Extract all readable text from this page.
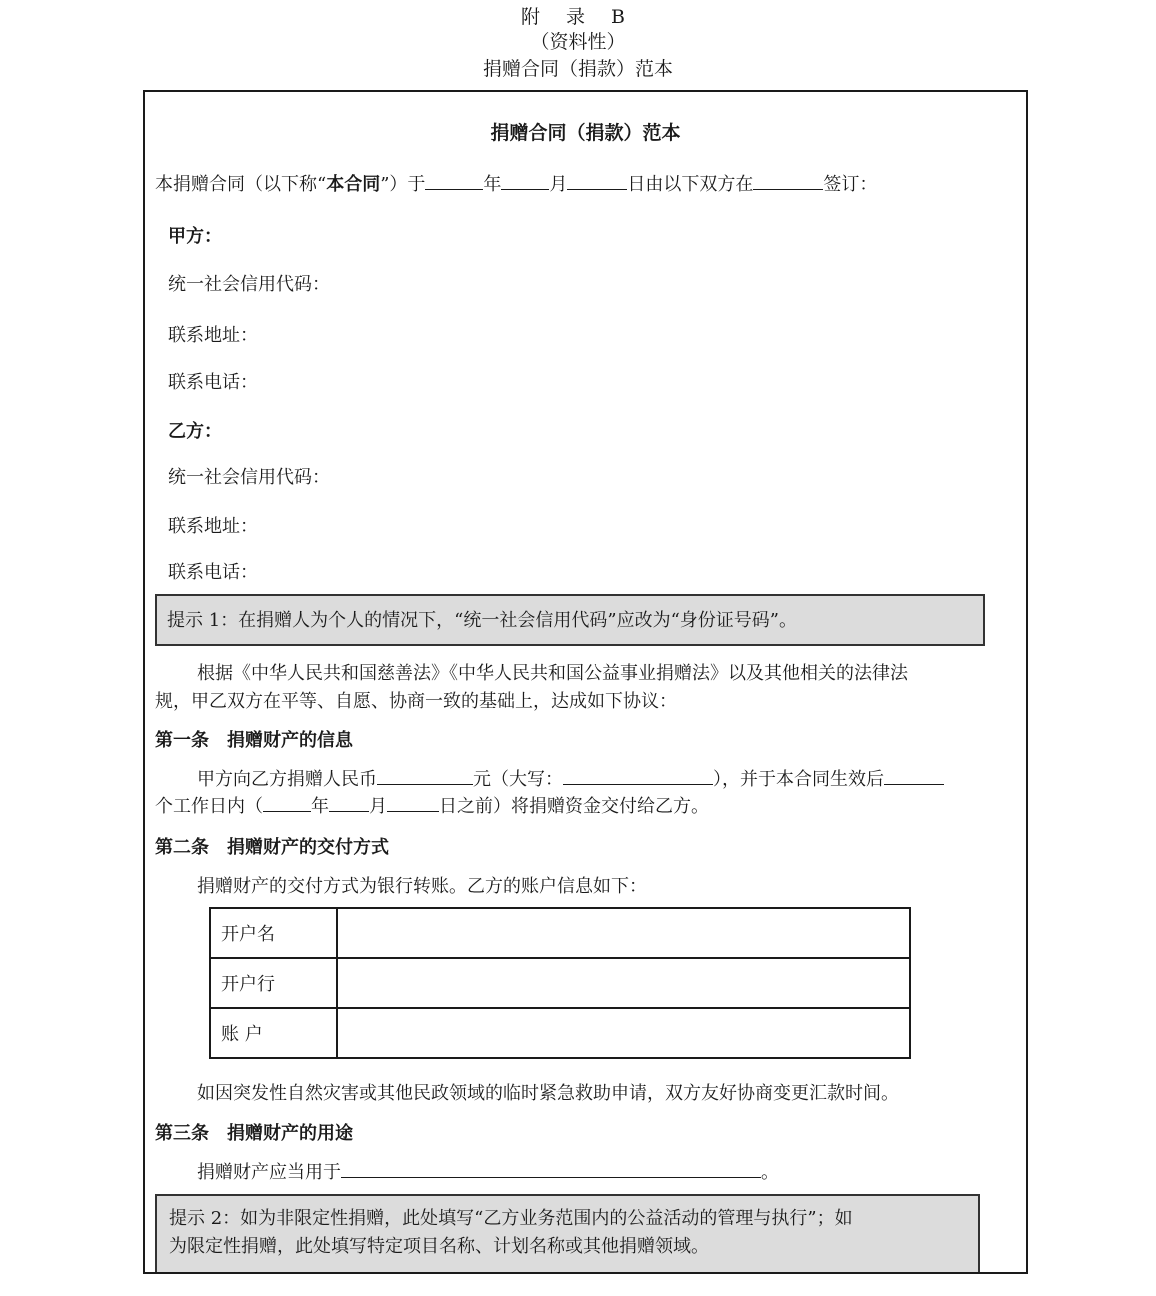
附 录 B
（资料性）
捐赠合同（捐款）范本
捐赠合同（捐款）范本
本捐赠合同（以下称“本合同”）于	年	月	日由以下双方在	签订：
甲方：
统一社会信用代码：
联系地址：
联系电话：
乙方：
统一社会信用代码：
联系地址：
联系电话：
提示 1：在捐赠人为个人的情况下，“统一社会信用代码”应改为“身份证号码”。
根据《中华人民共和国慈善法》《中华人民共和国公益事业捐赠法》以及其他相关的法律法
规，甲乙双方在平等、自愿、协商一致的基础上，达成如下协议：
第一条　捐赠财产的信息
甲方向乙方捐赠人民币	元（大写：	），并于本合同生效后
个工作日内（	年 月	日之前）将捐赠资金交付给乙方。
第二条　捐赠财产的交付方式
捐赠财产的交付方式为银行转账。乙方的账户信息如下：
开户名	
开户行	
账 户	
如因突发性自然灾害或其他民政领域的临时紧急救助申请，双方友好协商变更汇款时间。
第三条　捐赠财产的用途
捐赠财产应当用于	。
提示 2：如为非限定性捐赠，此处填写“乙方业务范围内的公益活动的管理与执行”；如
为限定性捐赠，此处填写特定项目名称、计划名称或其他捐赠领域。
